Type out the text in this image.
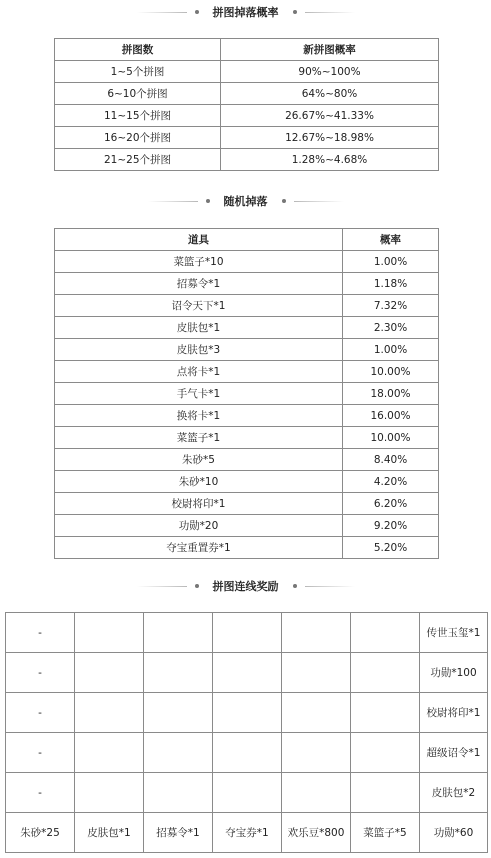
拼图掉落概率
拼图数	新拼图概率
1~5个拼图	90%~100%
6~10个拼图	64%~80%
11~15个拼图	26.67%~41.33%
16~20个拼图	12.67%~18.98%
21~25个拼图	1.28%~4.68%
随机掉落
道具	概率
菜篮子*10	1.00%
招募令*1	1.18%
诏令天下*1	7.32%
皮肤包*1	2.30%
皮肤包*3	1.00%
点将卡*1	10.00%
手气卡*1	18.00%
换将卡*1	16.00%
菜篮子*1	10.00%
朱砂*5	8.40%
朱砂*10	4.20%
校尉将印*1	6.20%
功勋*20	9.20%
夺宝重置券*1	5.20%
拼图连线奖励
-						传世玉玺*1
-						功勋*100
-						校尉将印*1
-						超级诏令*1
-						皮肤包*2
朱砂*25	皮肤包*1	招募令*1	夺宝券*1	欢乐豆*800	菜篮子*5	功勋*60
